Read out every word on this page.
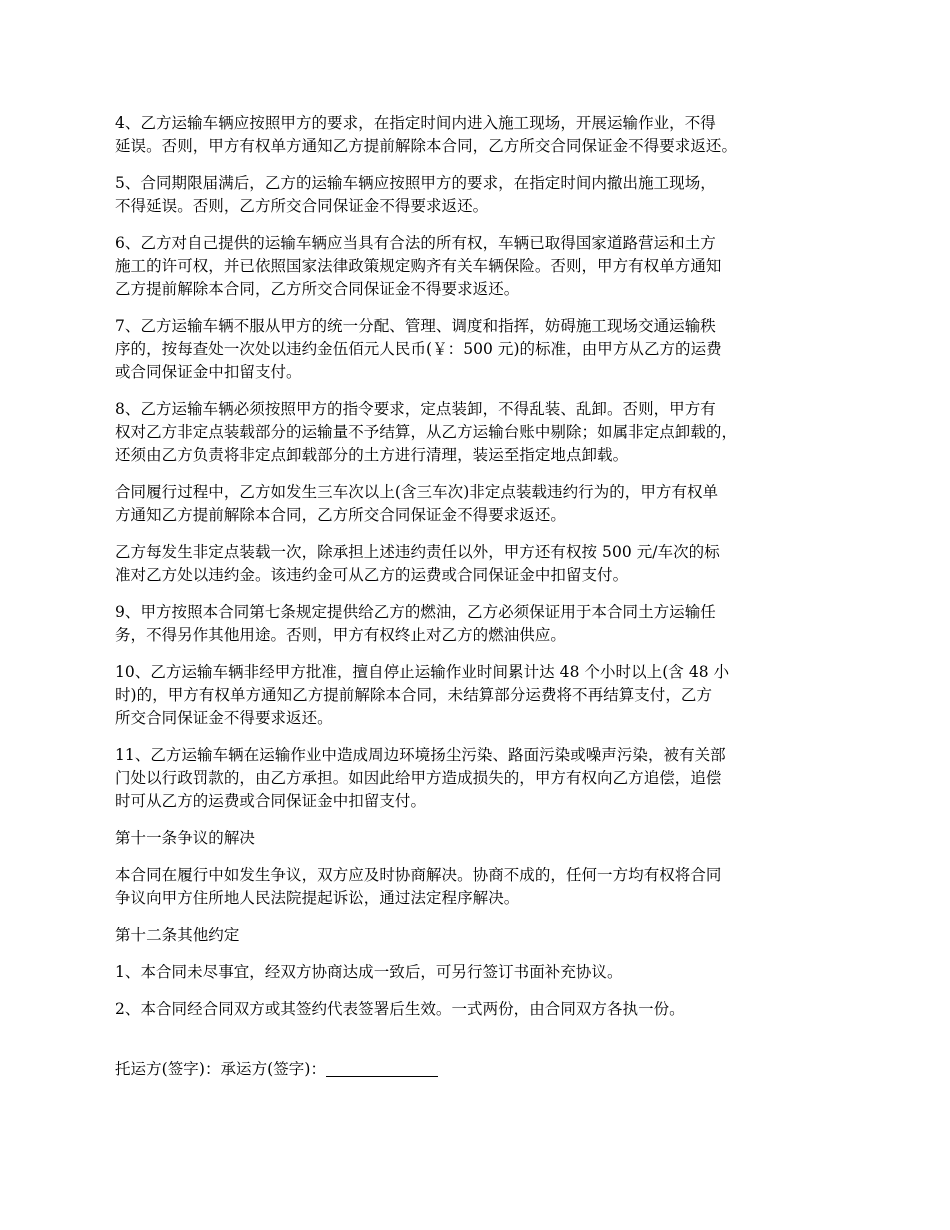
4、乙方运输车辆应按照甲方的要求，在指定时间内进入施工现场，开展运输作业，不得
延误。否则，甲方有权单方通知乙方提前解除本合同，乙方所交合同保证金不得要求返还。

5、合同期限届满后，乙方的运输车辆应按照甲方的要求，在指定时间内撤出施工现场，
不得延误。否则，乙方所交合同保证金不得要求返还。

6、乙方对自己提供的运输车辆应当具有合法的所有权，车辆已取得国家道路营运和土方
施工的许可权，并已依照国家法律政策规定购齐有关车辆保险。否则，甲方有权单方通知
乙方提前解除本合同，乙方所交合同保证金不得要求返还。

7、乙方运输车辆不服从甲方的统一分配、管理、调度和指挥，妨碍施工现场交通运输秩
序的，按每查处一次处以违约金伍佰元人民币(￥：500 元)的标准，由甲方从乙方的运费
或合同保证金中扣留支付。

8、乙方运输车辆必须按照甲方的指令要求，定点装卸，不得乱装、乱卸。否则，甲方有
权对乙方非定点装载部分的运输量不予结算，从乙方运输台账中剔除；如属非定点卸载的，
还须由乙方负责将非定点卸载部分的土方进行清理，装运至指定地点卸载。

合同履行过程中，乙方如发生三车次以上(含三车次)非定点装载违约行为的，甲方有权单
方通知乙方提前解除本合同，乙方所交合同保证金不得要求返还。

乙方每发生非定点装载一次，除承担上述违约责任以外，甲方还有权按 500 元/车次的标
准对乙方处以违约金。该违约金可从乙方的运费或合同保证金中扣留支付。

9、甲方按照本合同第七条规定提供给乙方的燃油，乙方必须保证用于本合同土方运输任
务，不得另作其他用途。否则，甲方有权终止对乙方的燃油供应。

10、乙方运输车辆非经甲方批准，擅自停止运输作业时间累计达 48 个小时以上(含 48 小
时)的，甲方有权单方通知乙方提前解除本合同，未结算部分运费将不再结算支付，乙方
所交合同保证金不得要求返还。

11、乙方运输车辆在运输作业中造成周边环境扬尘污染、路面污染或噪声污染，被有关部
门处以行政罚款的，由乙方承担。如因此给甲方造成损失的，甲方有权向乙方追偿，追偿
时可从乙方的运费或合同保证金中扣留支付。

第十一条争议的解决

本合同在履行中如发生争议，双方应及时协商解决。协商不成的，任何一方均有权将合同
争议向甲方住所地人民法院提起诉讼，通过法定程序解决。

第十二条其他约定

1、本合同未尽事宜，经双方协商达成一致后，可另行签订书面补充协议。

2、本合同经合同双方或其签约代表签署后生效。一式两份，由合同双方各执一份。

托运方(签字)：承运方(签字)：
